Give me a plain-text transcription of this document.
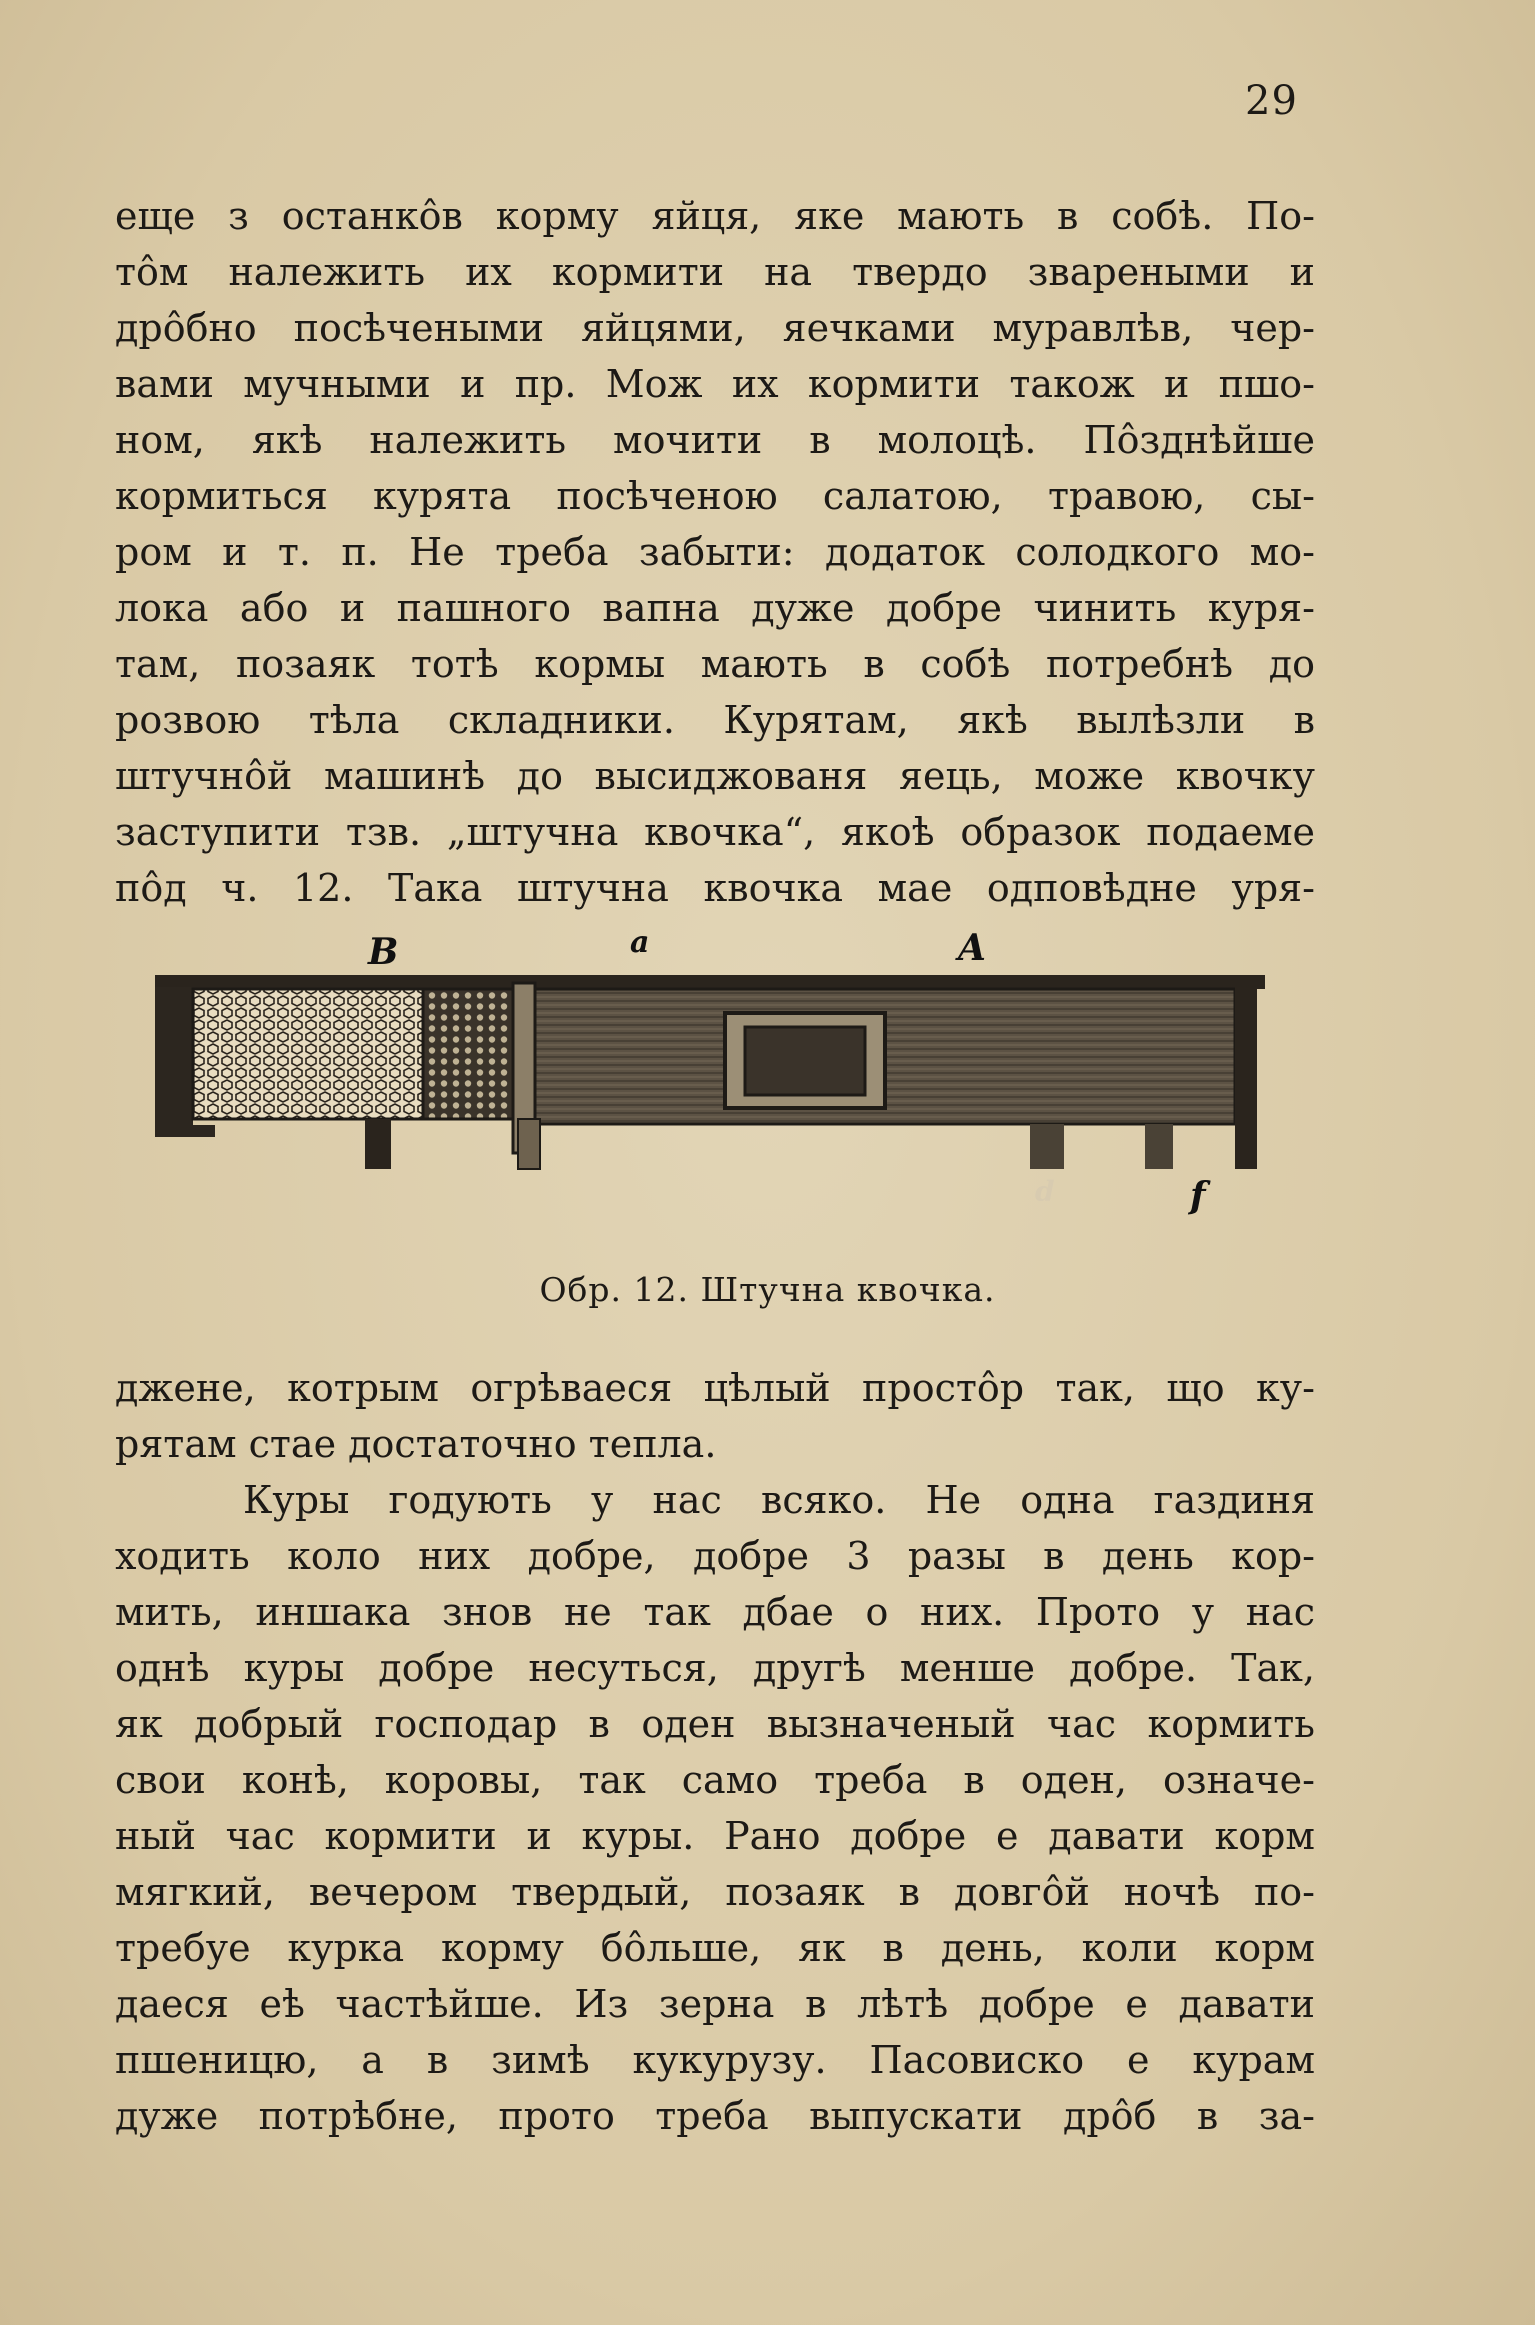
29
еще з останкôв корму яйця, яке мають в собѣ. По-
тôм належить их кормити на твердо звареными и
дрôбно посѣчеными яйцями, яечками муравлѣв, чер-
вами мучными и пр. Мож их кормити також и пшо-
ном, якѣ належить мочити в молоцѣ. Пôзднѣйше
кормиться курята посѣченою салатою, травою, сы-
ром и т. п. Не треба забыти: додаток солодкого мо-
лока або и пашного вапна дуже добре чинить куря-
там, позаяк тотѣ кормы мають в собѣ потребнѣ до
розвою тѣла складники. Курятам, якѣ вылѣзли в
штучнôй машинѣ до высиджованя яець, може квочку
заступити тзв. „штучна квочка“, якоѣ образок подаеме
пôд ч. 12. Така штучна квочка мае одповѣдне уря-
B	A
a
d	f
Обр. 12. Штучна квочка.
джене, котрым огрѣваеся цѣлый простôр так, що ку-
рятам стае достаточно тепла.
Куры годують у нас всяко. Не одна газдиня
ходить коло них добре, добре 3 разы в день кор-
мить, иншака знов не так дбае о них. Прото у нас
однѣ куры добре несуться, другѣ менше добре. Так,
як добрый господар в оден вызначеный час кормить
свои конѣ, коровы, так само треба в оден, означе-
ный час кормити и куры. Рано добре е давати корм
мягкий, вечером твердый, позаяк в довгôй ночѣ по-
требуе курка корму бôльше, як в день, коли корм
даеся еѣ частѣйше. Из зерна в лѣтѣ добре е давати
пшеницю, а в зимѣ кукурузу. Пасовиско е курам
дуже потрѣбне, прото треба выпускати дрôб в за-
